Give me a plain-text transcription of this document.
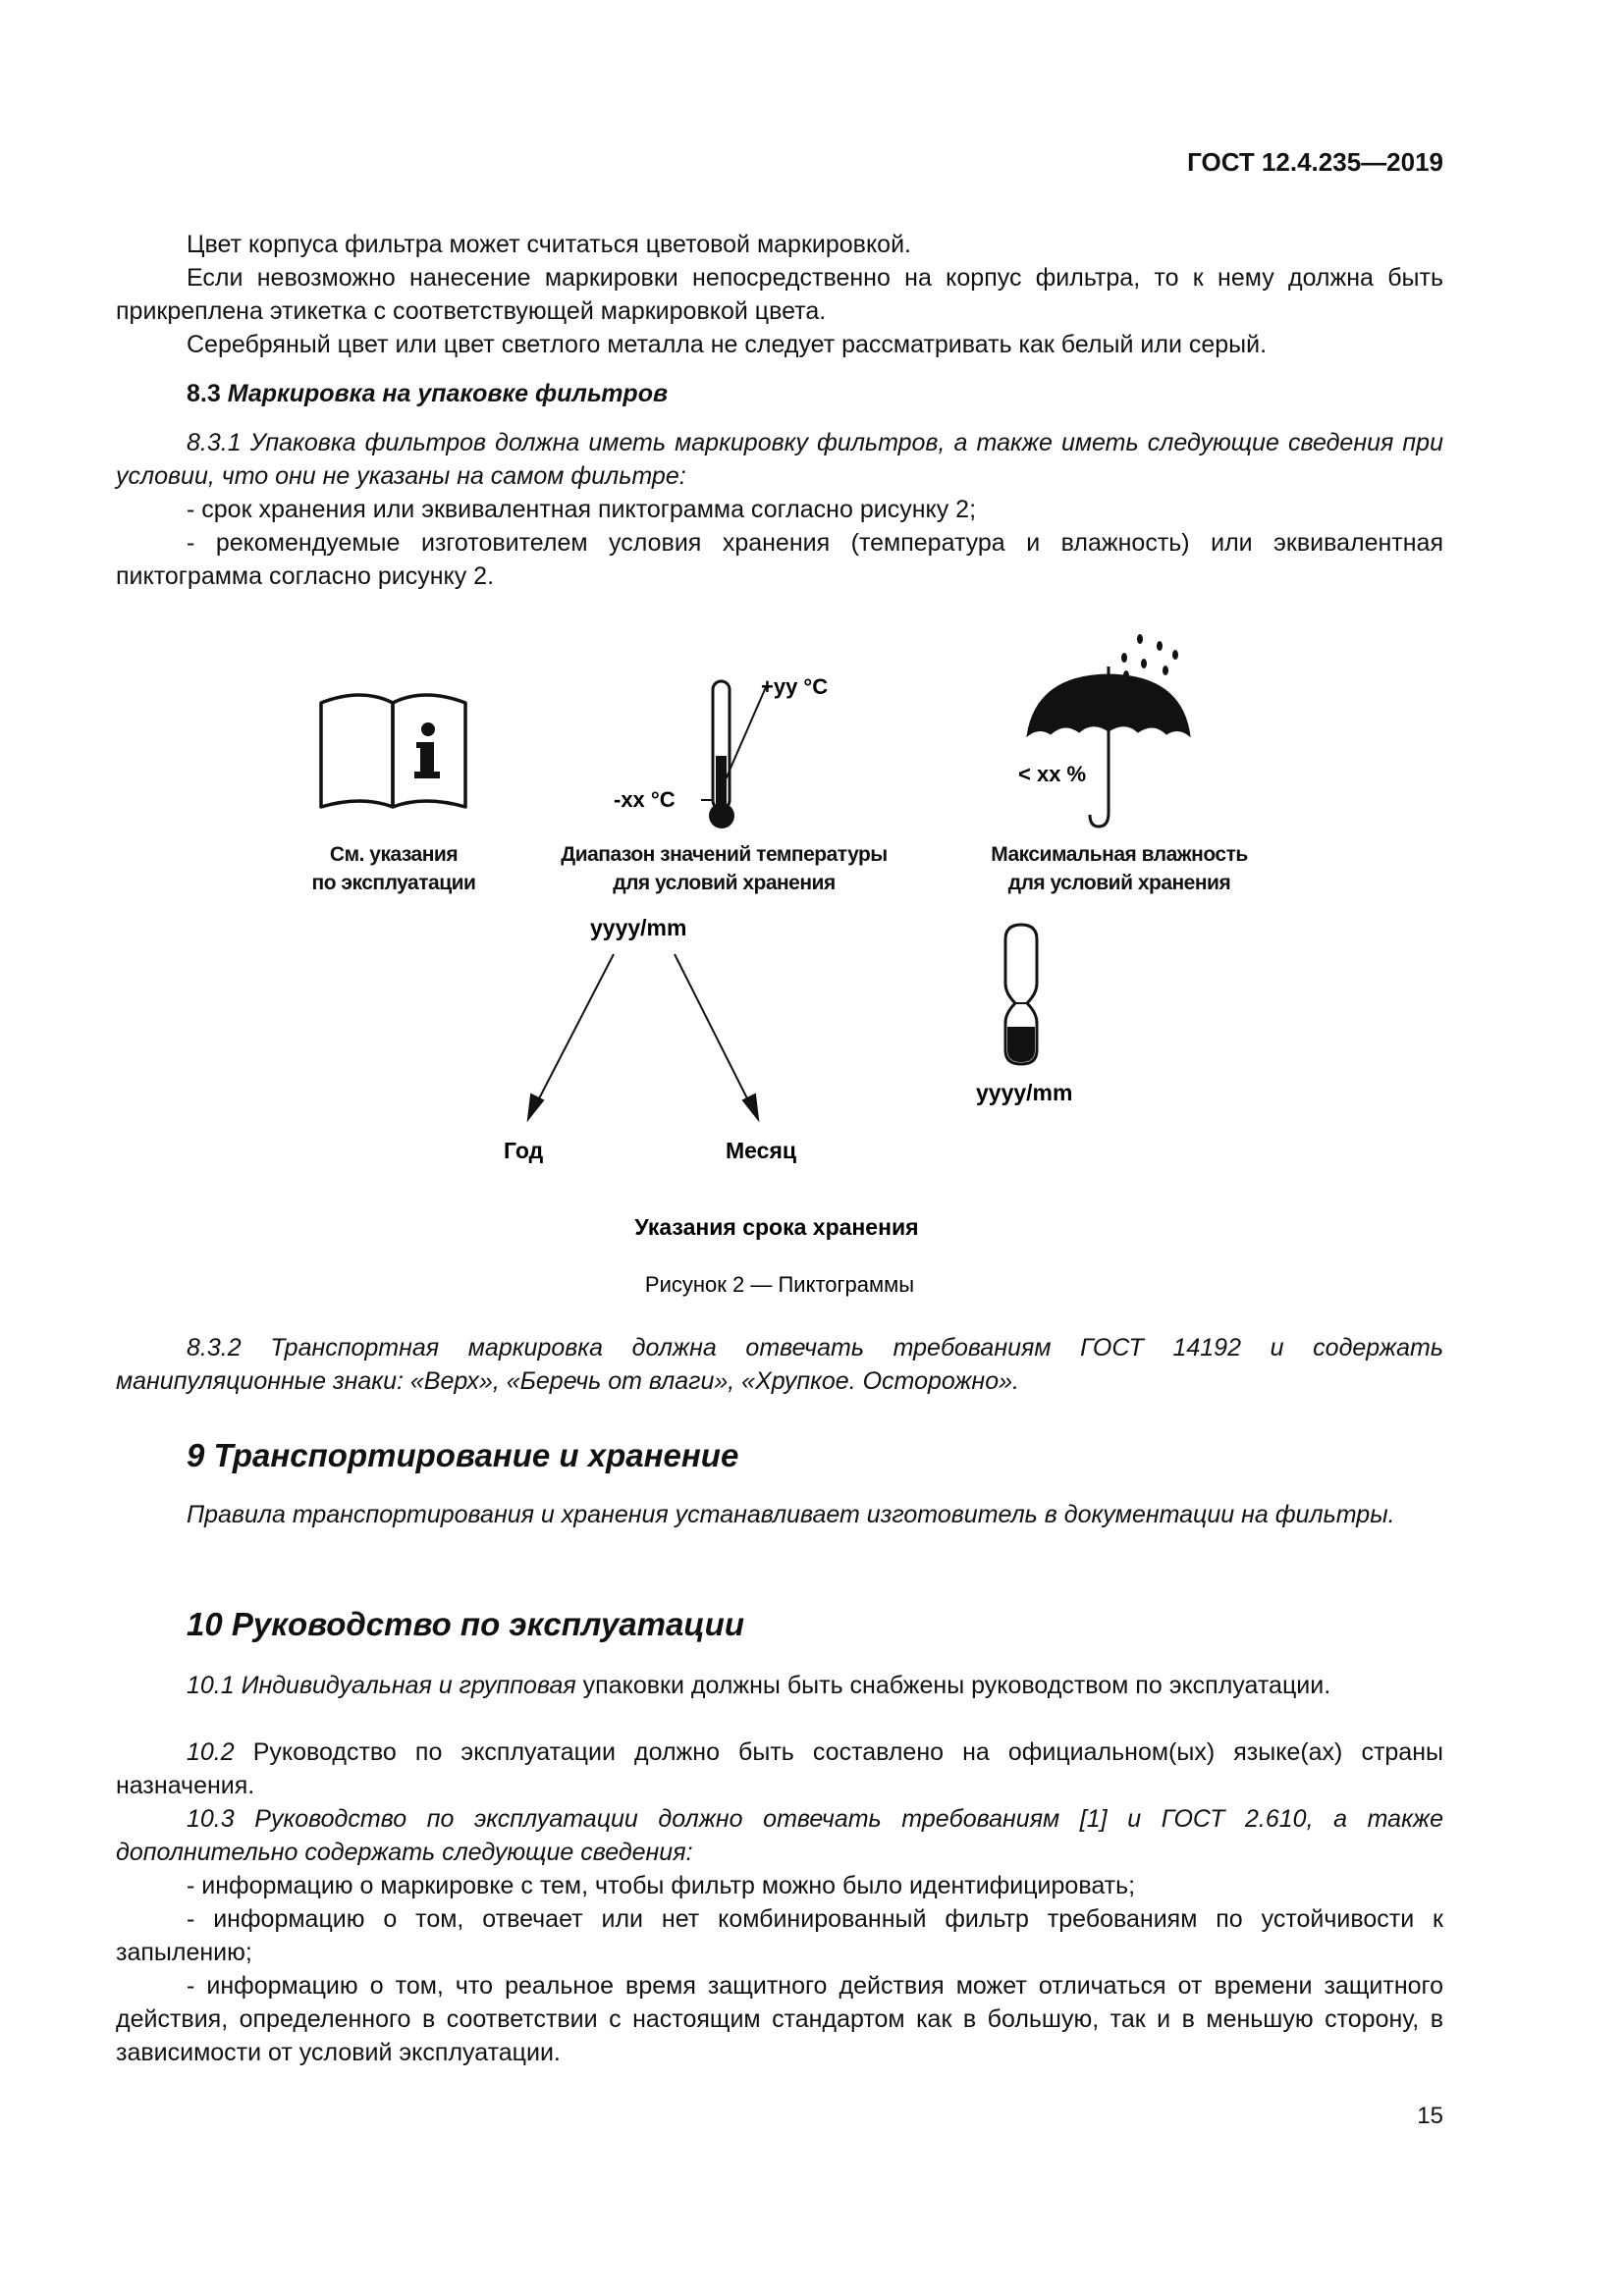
ГОСТ 12.4.235—2019
Цвет корпуса фильтра может считаться цветовой маркировкой.
Если невозможно нанесение маркировки непосредственно на корпус фильтра, то к нему должна быть прикреплена этикетка с соответствующей маркировкой цвета.
Серебряный цвет или цвет светлого металла не следует рассматривать как белый или серый.
8.3 Маркировка на упаковке фильтров
8.3.1 Упаковка фильтров должна иметь маркировку фильтров, а также иметь следующие сведения при условии, что они не указаны на самом фильтре:
- срок хранения или эквивалентная пиктограмма согласно рисунку 2;
- рекомендуемые изготовителем условия хранения (температура и влажность) или эквивалентная пиктограмма согласно рисунку 2.
+yy °C
-xx °C
< xx %
yyyy/mm
Год	Месяц
yyyy/mm
Указания срока хранения
Рисунок 2 — Пиктограммы
См. указания
по эксплуатации
Диапазон значений температуры
для условий хранения
Максимальная влажность
для условий хранения
8.3.2 Транспортная маркировка должна отвечать требованиям ГОСТ 14192 и содержать манипуляционные знаки: «Верх», «Беречь от влаги», «Хрупкое. Осторожно».
9 Транспортирование и хранение
Правила транспортирования и хранения устанавливает изготовитель в документации на фильтры.
10 Руководство по эксплуатации
10.1 Индивидуальная и групповая упаковки должны быть снабжены руководством по эксплуатации.
10.2 Руководство по эксплуатации должно быть составлено на официальном(ых) языке(ах) страны назначения.
10.3 Руководство по эксплуатации должно отвечать требованиям [1] и ГОСТ 2.610, а также дополнительно содержать следующие сведения:
- информацию о маркировке с тем, чтобы фильтр можно было идентифицировать;
- информацию о том, отвечает или нет комбинированный фильтр требованиям по устойчивости к запылению;
- информацию о том, что реальное время защитного действия может отличаться от времени защитного действия, определенного в соответствии с настоящим стандартом как в большую, так и в меньшую сторону, в зависимости от условий эксплуатации.
15
